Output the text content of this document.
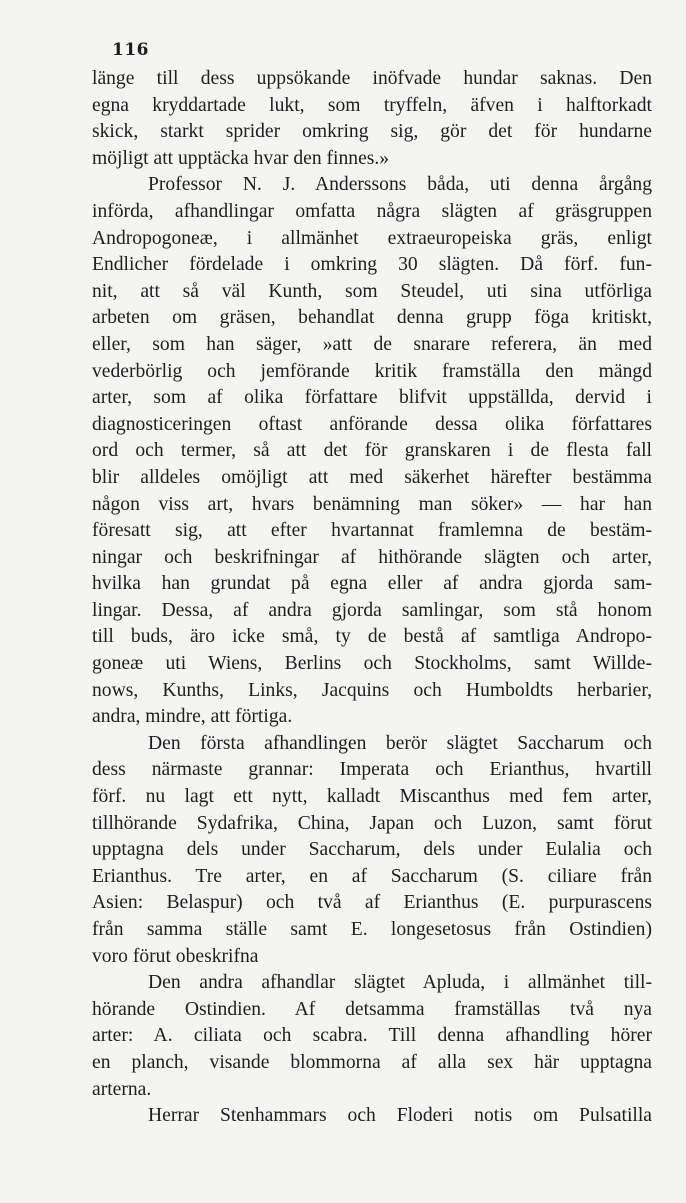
116
länge till dess uppsökande inöfvade hundar saknas. Den
egna kryddartade lukt, som tryffeln, äfven i halftorkadt
skick, starkt sprider omkring sig, gör det för hundarne
möjligt att upptäcka hvar den finnes.»
Professor N. J. Anderssons båda, uti denna årgång
införda, afhandlingar omfatta några slägten af gräsgruppen
Andropogoneæ, i allmänhet extraeuropeiska gräs, enligt
Endlicher fördelade i omkring 30 slägten. Då förf. fun-
nit, att så väl Kunth, som Steudel, uti sina utförliga
arbeten om gräsen, behandlat denna grupp föga kritiskt,
eller, som han säger, »att de snarare referera, än med
vederbörlig och jemförande kritik framställa den mängd
arter, som af olika författare blifvit uppställda, dervid i
diagnosticeringen oftast anförande dessa olika författares
ord och termer, så att det för granskaren i de flesta fall
blir alldeles omöjligt att med säkerhet härefter bestämma
någon viss art, hvars benämning man söker» — har han
föresatt sig, att efter hvartannat framlemna de bestäm-
ningar och beskrifningar af hithörande slägten och arter,
hvilka han grundat på egna eller af andra gjorda sam-
lingar. Dessa, af andra gjorda samlingar, som stå honom
till buds, äro icke små, ty de bestå af samtliga Andropo-
goneæ uti Wiens, Berlins och Stockholms, samt Willde-
nows, Kunths, Links, Jacquins och Humboldts herbarier,
andra, mindre, att förtiga.
Den första afhandlingen berör slägtet Saccharum och
dess närmaste grannar: Imperata och Erianthus, hvartill
förf. nu lagt ett nytt, kalladt Miscanthus med fem arter,
tillhörande Sydafrika, China, Japan och Luzon, samt förut
upptagna dels under Saccharum, dels under Eulalia och
Erianthus. Tre arter, en af Saccharum (S. ciliare från
Asien: Belaspur) och två af Erianthus (E. purpurascens
från samma ställe samt E. longesetosus från Ostindien)
voro förut obeskrifna
Den andra afhandlar slägtet Apluda, i allmänhet till-
hörande Ostindien. Af detsamma framställas två nya
arter: A. ciliata och scabra. Till denna afhandling hörer
en planch, visande blommorna af alla sex här upptagna
arterna.
Herrar Stenhammars och Floderi notis om Pulsatilla
